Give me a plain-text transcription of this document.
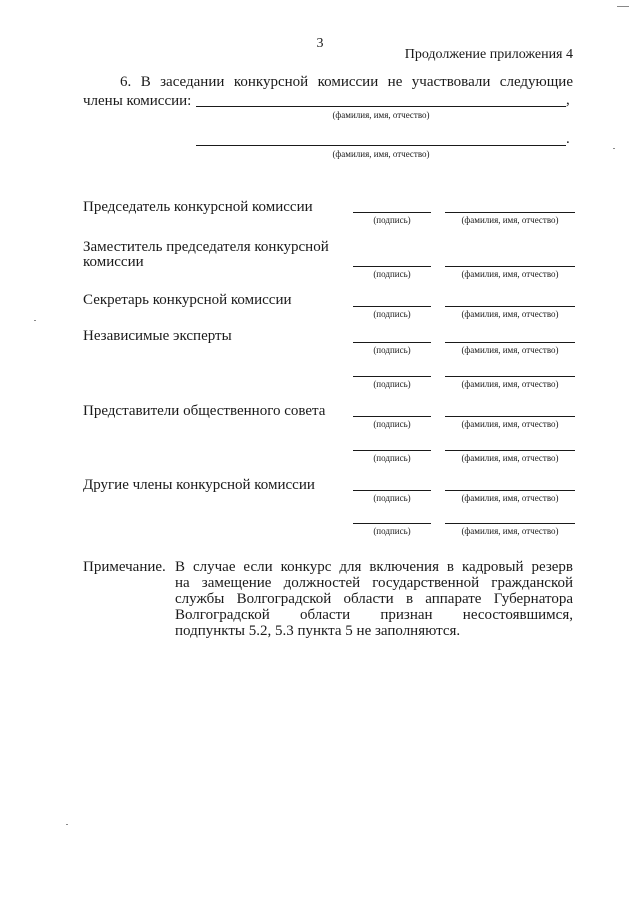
3
Продолжение приложения 4
6. В заседании конкурсной комиссии не участвовали следующие
члены комиссии:	,
(фамилия, имя, отчество)
.
(фамилия, имя, отчество)
Председатель конкурсной комиссии
(подпись)	(фамилия, имя, отчество)
Заместитель председателя конкурсной
комиссии
(подпись)	(фамилия, имя, отчество)
Секретарь конкурсной комиссии
(подпись)	(фамилия, имя, отчество)
Независимые эксперты
(подпись)	(фамилия, имя, отчество)
(подпись)	(фамилия, имя, отчество)
Представители общественного совета
(подпись)	(фамилия, имя, отчество)
(подпись)	(фамилия, имя, отчество)
Другие члены конкурсной комиссии
(подпись)	(фамилия, имя, отчество)
(подпись)	(фамилия, имя, отчество)
Примечание. В случае если конкурс для включения в кадровый резерв
на замещение должностей государственной гражданской
службы Волгоградской области в аппарате Губернатора
Волгоградской области признан несостоявшимся,
подпункты 5.2, 5.3 пункта 5 не заполняются.
